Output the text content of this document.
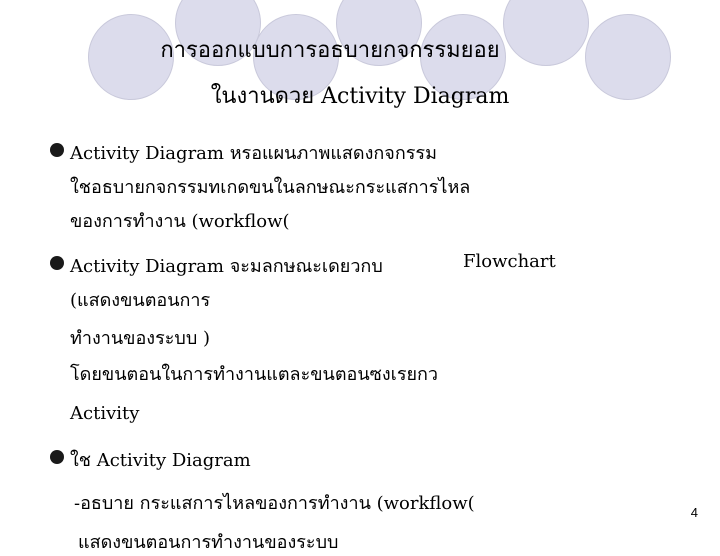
การออกแบบการอธบายกจกรรมยอย
ในงานดวย Activity Diagram
Activity Diagram หรอแผนภาพแสดงกจกรรม
ใชอธบายกจกรรมทเกดขนในลกษณะกระแสการไหล
ของการทำงาน (workflow(
Activity Diagram จะมลกษณะเดยวกบ	Flowchart
(แสดงขนตอนการ
ทำงานของระบบ )
โดยขนตอนในการทำงานแตละขนตอนซงเรยกว
Activity
ใช Activity Diagram
-อธบาย กระแสการไหลของการทำงาน (workflow(
แสดงขนตอนการทำงานของระบบ
4
